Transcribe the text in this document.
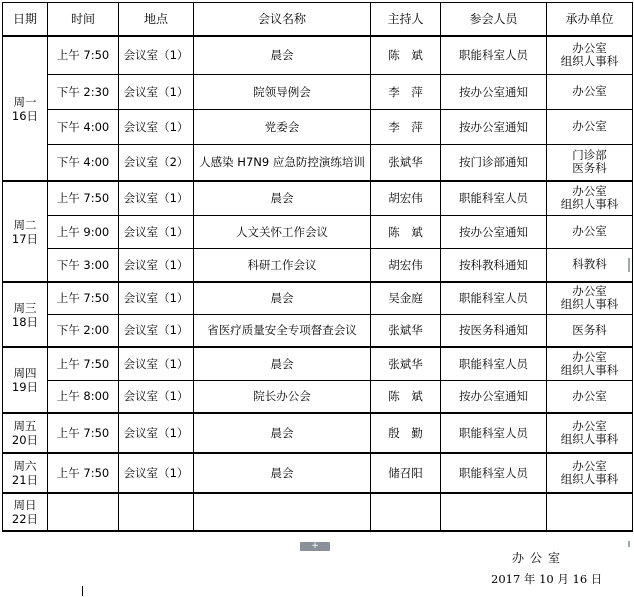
日期	时间	地点	会议名称	主持人	参会人员	承办单位

周一
16日	上午 7:50	会议室（1）	晨会	陈　斌	职能科室人员	办公室
组织人事科

	下午 2:30	会议室（1）	院领导例会	李　萍	按办公室通知	办公室

	下午 4:00	会议室（1）	党委会	李　萍	按办公室通知	办公室

	下午 4:00	会议室（2）	人感染 H7N9 应急防控演练培训	张斌华	按门诊部通知	门诊部
医务科

周二
17日	上午 7:50	会议室（1）	晨会	胡宏伟	职能科室人员	办公室
组织人事科

	上午 9:00	会议室（1）	人文关怀工作会议	陈　斌	按办公室通知	办公室

	下午 3:00	会议室（1）	科研工作会议	胡宏伟	按科教科通知	科教科

周三
18日	上午 7:50	会议室（1）	晨会	吴金庭	职能科室人员	办公室
组织人事科

	下午 2:00	会议室（1）	省医疗质量安全专项督查会议	张斌华	按医务科通知	医务科

周四
19日	上午 7:50	会议室（1）	晨会	张斌华	职能科室人员	办公室
组织人事科

	上午 8:00	会议室（1）	院长办公会	陈　斌	按办公室通知	办公室

周五
20日	上午 7:50	会议室（1）	晨会	殷　勤	职能科室人员	办公室
组织人事科

周六
21日	上午 7:50	会议室（1）	晨会	储召阳	职能科室人员	办公室
组织人事科

周日
22日						

+
办公室
2017 年 10 月 16 日
